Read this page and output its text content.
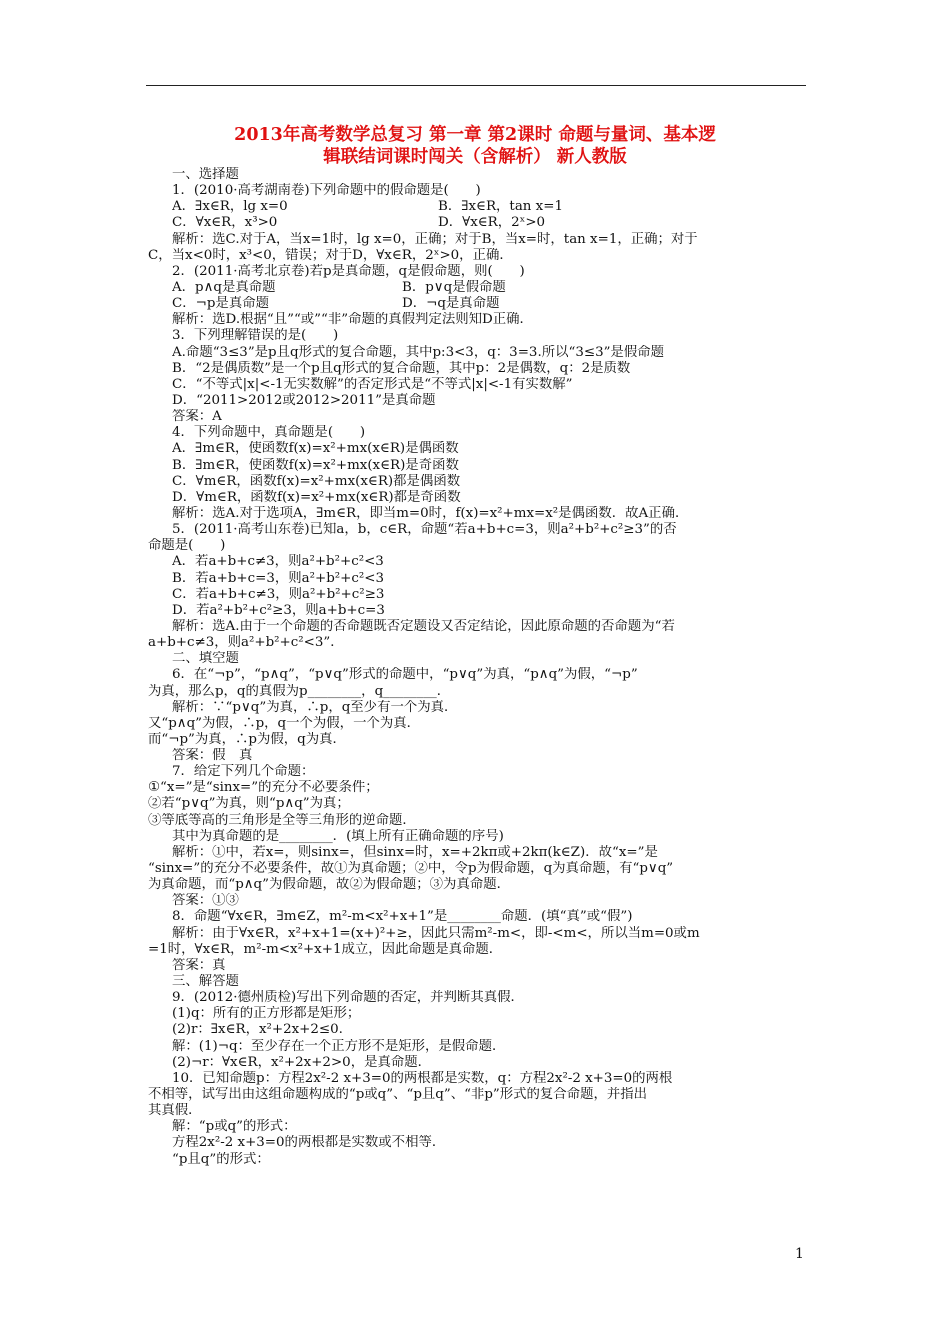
2013年高考数学总复习 第一章 第2课时 命题与量词、基本逻
辑联结词课时闯关（含解析） 新人教版
一、选择题
1．(2010·高考湖南卷)下列命题中的假命题是(　　)
A．∃x∈R，lg x=0	B．∃x∈R，tan x=1
C．∀x∈R，x³>0	D．∀x∈R，2ˣ>0
解析：选C.对于A，当x=1时，lg x=0，正确；对于B，当x=时，tan x=1，正确；对于
C，当x<0时，x³<0，错误；对于D，∀x∈R，2ˣ>0，正确．
2．(2011·高考北京卷)若p是真命题，q是假命题，则(　　)
A．p∧q是真命题	B．p∨q是假命题
C．¬p是真命题	D．¬q是真命题
解析：选D.根据“且”“或”“非”命题的真假判定法则知D正确．
3．下列理解错误的是(　　)
A.命题“3≤3”是p且q形式的复合命题，其中p:3<3，q：3=3.所以“3≤3”是假命题
B．“2是偶质数”是一个p且q形式的复合命题，其中p：2是偶数，q：2是质数
C．“不等式|x|<-1无实数解”的否定形式是“不等式|x|<-1有实数解”
D．“2011>2012或2012>2011”是真命题
答案：A
4．下列命题中，真命题是(　　)
A．∃m∈R，使函数f(x)=x²+mx(x∈R)是偶函数
B．∃m∈R，使函数f(x)=x²+mx(x∈R)是奇函数
C．∀m∈R，函数f(x)=x²+mx(x∈R)都是偶函数
D．∀m∈R，函数f(x)=x²+mx(x∈R)都是奇函数
解析：选A.对于选项A，∃m∈R，即当m=0时，f(x)=x²+mx=x²是偶函数．故A正确．
5．(2011·高考山东卷)已知a，b，c∈R，命题“若a+b+c=3，则a²+b²+c²≥3”的否
命题是(　　)
A．若a+b+c≠3，则a²+b²+c²<3
B．若a+b+c=3，则a²+b²+c²<3
C．若a+b+c≠3，则a²+b²+c²≥3
D．若a²+b²+c²≥3，则a+b+c=3
解析：选A.由于一个命题的否命题既否定题设又否定结论，因此原命题的否命题为“若
a+b+c≠3，则a²+b²+c²<3”．
二、填空题
6．在“¬p”，“p∧q”，“p∨q”形式的命题中，“p∨q”为真，“p∧q”为假，“¬p”
为真，那么p，q的真假为p________，q________．
解析：∵“p∨q”为真，∴p，q至少有一个为真．
又“p∧q”为假，∴p，q一个为假，一个为真．
而“¬p”为真，∴p为假，q为真．
答案：假　真
7．给定下列几个命题：
①“x=”是“sinx=”的充分不必要条件；
②若“p∨q”为真，则“p∧q”为真；
③等底等高的三角形是全等三角形的逆命题．
其中为真命题的是________．(填上所有正确命题的序号)
解析：①中，若x=，则sinx=，但sinx=时，x=+2kπ或+2kπ(k∈Z)．故“x=”是
“sinx=”的充分不必要条件，故①为真命题；②中，令p为假命题，q为真命题，有“p∨q”
为真命题，而“p∧q”为假命题，故②为假命题；③为真命题．
答案：①③
8．命题“∀x∈R，∃m∈Z，m²-m<x²+x+1”是________命题．(填“真”或“假”)
解析：由于∀x∈R，x²+x+1=(x+)²+≥，因此只需m²-m<，即-<m<，所以当m=0或m
=1时，∀x∈R，m²-m<x²+x+1成立，因此命题是真命题．
答案：真
三、解答题
9．(2012·德州质检)写出下列命题的否定，并判断其真假．
(1)q：所有的正方形都是矩形；
(2)r：∃x∈R，x²+2x+2≤0.
解：(1)¬q：至少存在一个正方形不是矩形，是假命题．
(2)¬r：∀x∈R，x²+2x+2>0，是真命题．
10．已知命题p：方程2x²-2 x+3=0的两根都是实数，q：方程2x²-2 x+3=0的两根
不相等，试写出由这组命题构成的“p或q”、“p且q”、“非p”形式的复合命题，并指出
其真假．
解：“p或q”的形式：
方程2x²-2 x+3=0的两根都是实数或不相等．
“p且q”的形式：
1
